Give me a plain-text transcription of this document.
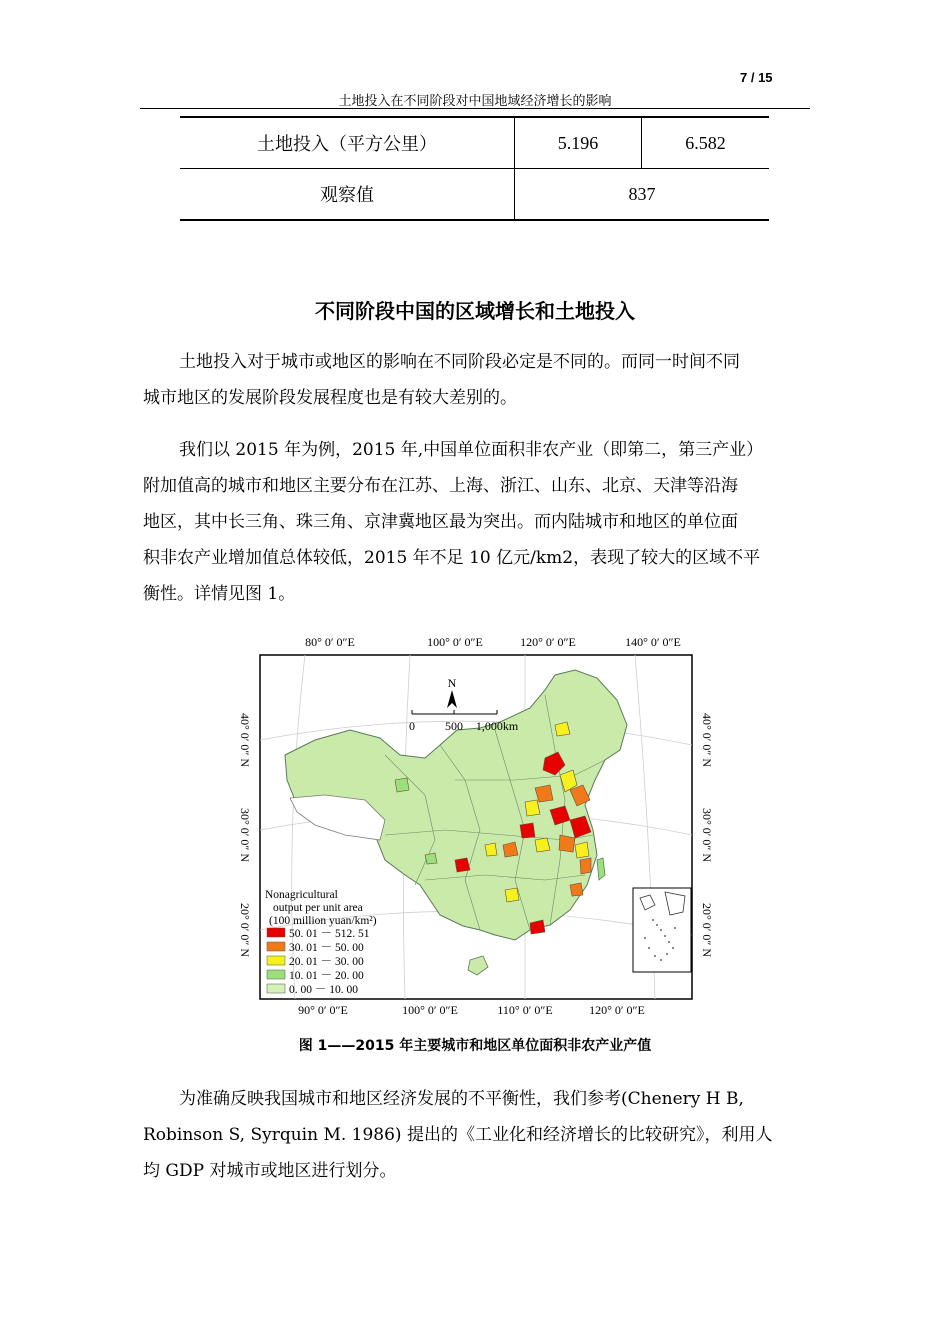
7 / 15
土地投入在不同阶段对中国地域经济增长的影响
土地投入（平方公里）	5.196	6.582
观察值	837	
不同阶段中国的区域增长和土地投入
土地投入对于城市或地区的影响在不同阶段必定是不同的。而同一时间不同
城市地区的发展阶段发展程度也是有较大差别的。
我们以 2015 年为例，2015 年,中国单位面积非农产业（即第二，第三产业）
附加值高的城市和地区主要分布在江苏、上海、浙江、山东、北京、天津等沿海
地区，其中长三角、珠三角、京津冀地区最为突出。而内陆城市和地区的单位面
积非农产业增加值总体较低，2015 年不足 10 亿元/km2，表现了较大的区域不平
衡性。详情见图 1。
80° 0′ 0″E	100° 0′ 0″E	120° 0′ 0″E	140° 0′ 0″E
N
0	500 1,000km
Nonagricultural
output per unit area
(100 million yuan/km²)
50. 01 － 512. 51
30. 01 － 50. 00
20. 01 － 30. 00
10. 01 － 20. 00
0. 00 － 10. 00
90° 0′ 0″E	100° 0′ 0″E	110° 0′ 0″E	120° 0′ 0″E
40° 0′ 0″ N
30° 0′ 0″ N
20° 0′ 0″ N
40° 0′ 0″ N
30° 0′ 0″ N
20° 0′ 0″ N
图 1——2015 年主要城市和地区单位面积非农产业产值
为准确反映我国城市和地区经济发展的不平衡性，我们参考(Chenery H B,
Robinson S, Syrquin M. 1986) 提出的《工业化和经济增长的比较研究》，利用人
均 GDP 对城市或地区进行划分。
